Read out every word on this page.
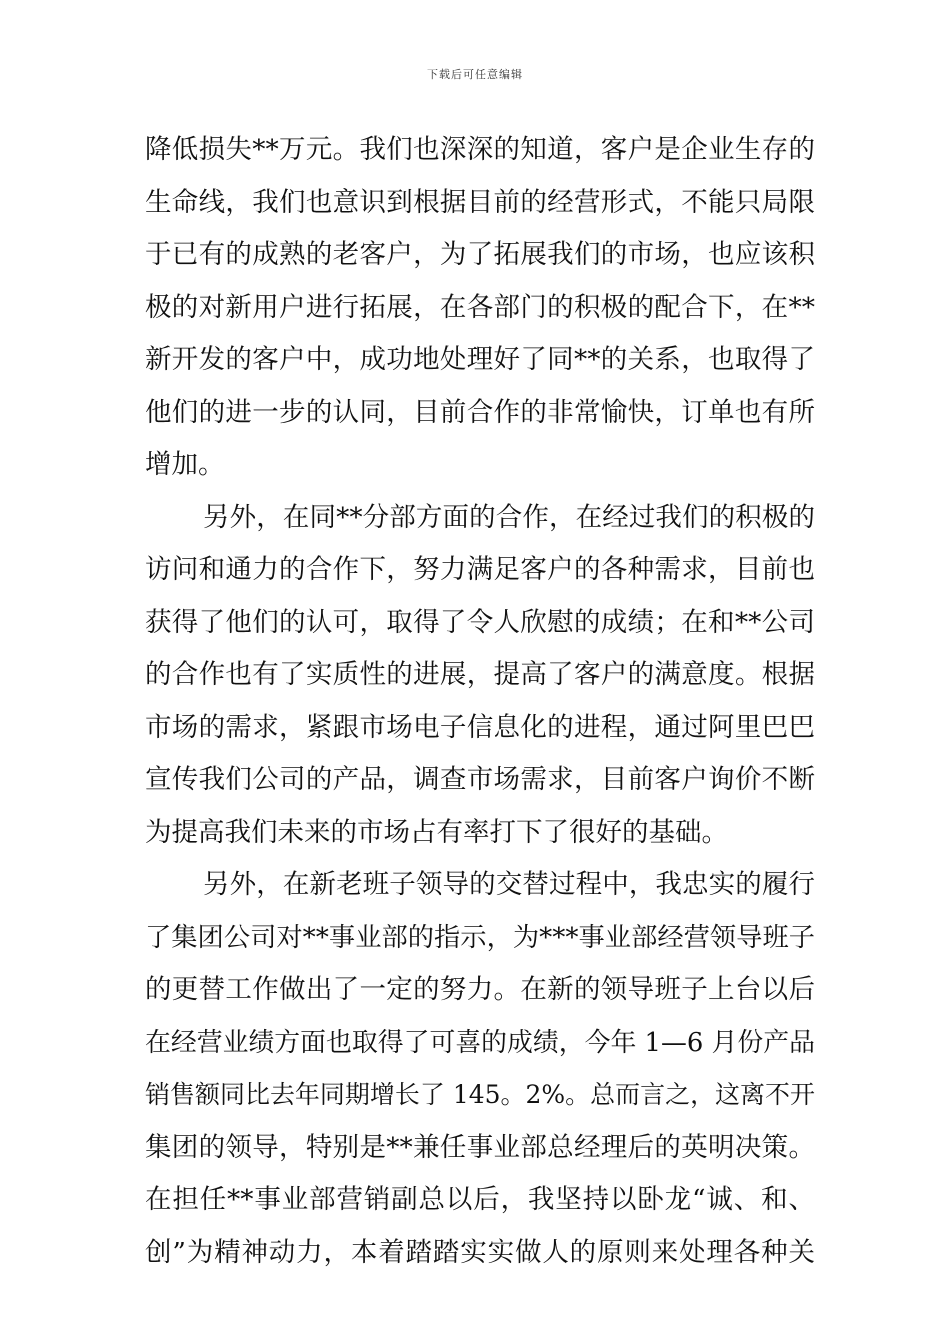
下载后可任意编辑
降低损失**万元。我们也深深的知道，客户是企业生存的
生命线，我们也意识到根据目前的经营形式，不能只局限
于已有的成熟的老客户，为了拓展我们的市场，也应该积
极的对新用户进行拓展，在各部门的积极的配合下，在**
新开发的客户中，成功地处理好了同**的关系，也取得了
他们的进一步的认同，目前合作的非常愉快，订单也有所
增加。
另外，在同**分部方面的合作，在经过我们的积极的
访问和通力的合作下，努力满足客户的各种需求，目前也
获得了他们的认可，取得了令人欣慰的成绩；在和**公司
的合作也有了实质性的进展，提高了客户的满意度。根据
市场的需求，紧跟市场电子信息化的进程，通过阿里巴巴
宣传我们公司的产品，调查市场需求，目前客户询价不断
为提高我们未来的市场占有率打下了很好的基础。
另外，在新老班子领导的交替过程中，我忠实的履行
了集团公司对**事业部的指示，为***事业部经营领导班子
的更替工作做出了一定的努力。在新的领导班子上台以后
在经营业绩方面也取得了可喜的成绩，今年 1—6 月份产品
销售额同比去年同期增长了 145。2%。总而言之，这离不开
集团的领导，特别是**兼任事业部总经理后的英明决策。
在担任**事业部营销副总以后，我坚持以卧龙“诚、和、
创”为精神动力，本着踏踏实实做人的原则来处理各种关
